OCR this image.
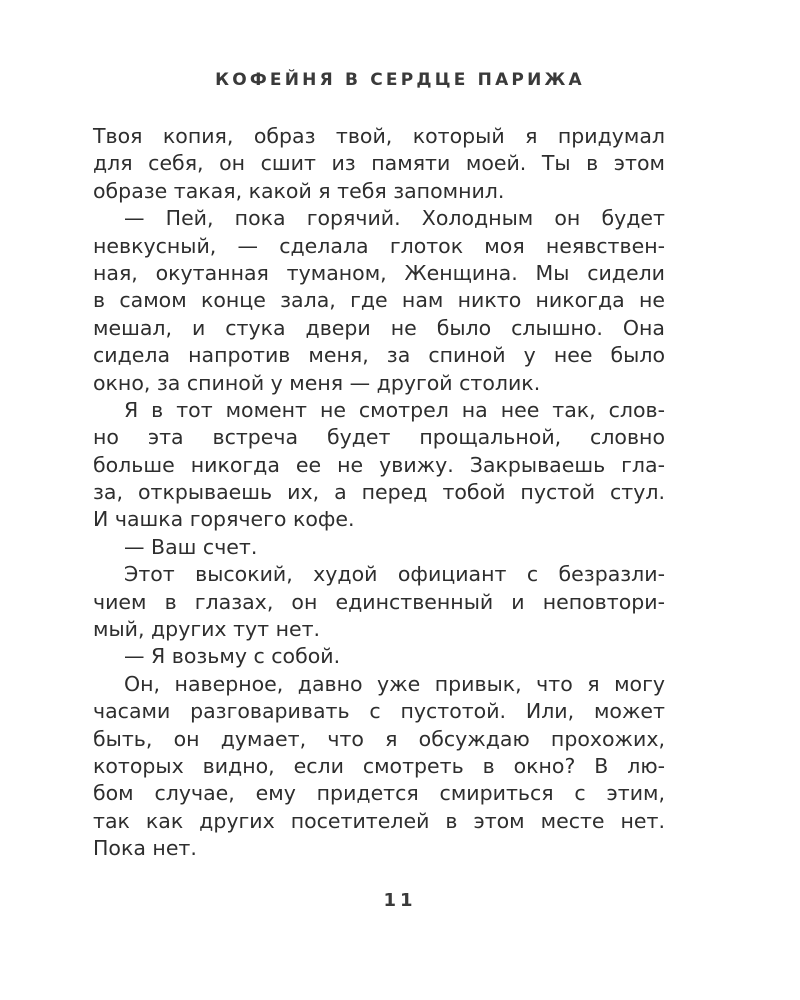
КОФЕЙНЯ В СЕРДЦЕ ПАРИЖА
Твоя копия, образ твой, который я придумал
для себя, он сшит из памяти моей. Ты в этом
образе такая, какой я тебя запомнил.
— Пей, пока горячий. Холодным он будет
невкусный, — сделала глоток моя неявствен-
ная, окутанная туманом, Женщина. Мы сидели
в самом конце зала, где нам никто никогда не
мешал, и стука двери не было слышно. Она
сидела напротив меня, за спиной у нее было
окно, за спиной у меня — другой столик.
Я в тот момент не смотрел на нее так, слов-
но эта встреча будет прощальной, словно
больше никогда ее не увижу. Закрываешь гла-
за, открываешь их, а перед тобой пустой стул.
И чашка горячего кофе.
— Ваш счет.
Этот высокий, худой официант с безразли-
чием в глазах, он единственный и неповтори-
мый, других тут нет.
— Я возьму с собой.
Он, наверное, давно уже привык, что я могу
часами разговаривать с пустотой. Или, может
быть, он думает, что я обсуждаю прохожих,
которых видно, если смотреть в окно? В лю-
бом случае, ему придется смириться с этим,
так как других посетителей в этом месте нет.
Пока нет.
11
